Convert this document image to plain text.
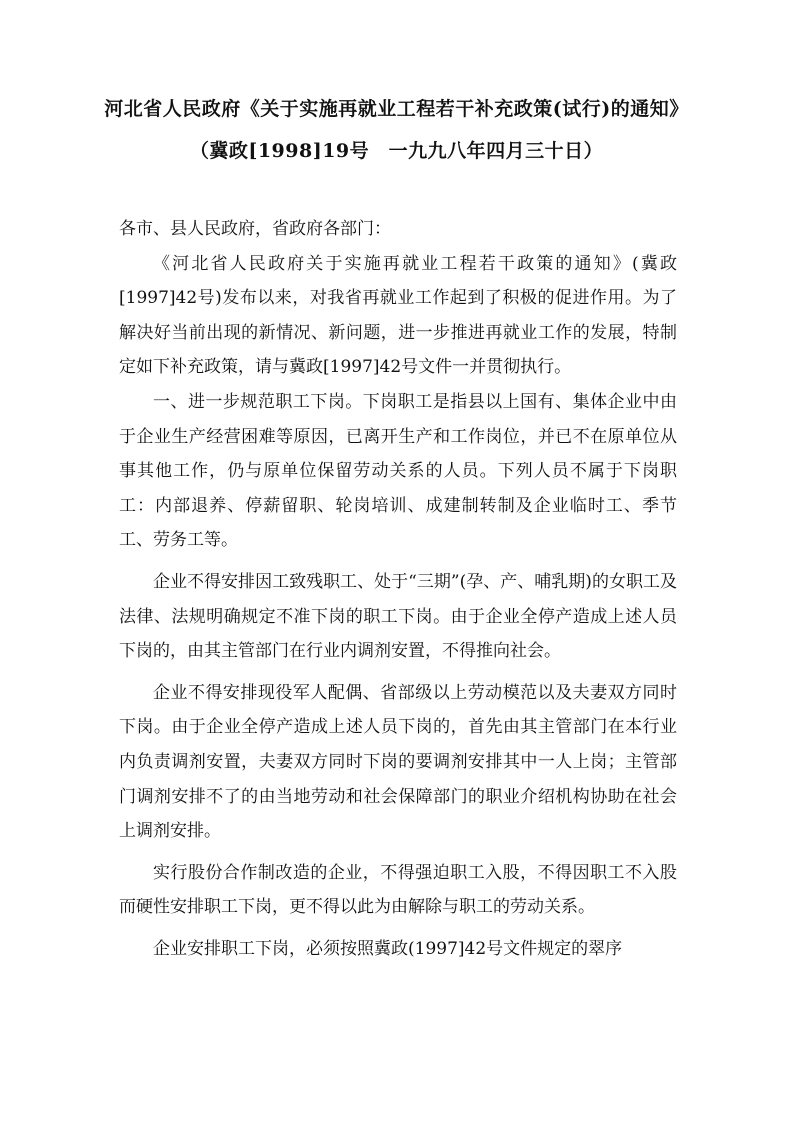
河北省人民政府《关于实施再就业工程若干补充政策(试行)的通知》
（冀政[1998]19号　一九九八年四月三十日）

各市、县人民政府，省政府各部门：

《河北省人民政府关于实施再就业工程若干政策的通知》(冀政[1997]42号)发布以来，对我省再就业工作起到了积极的促进作用。为了解决好当前出现的新情况、新问题，进一步推进再就业工作的发展，特制定如下补充政策，请与冀政[1997]42号文件一并贯彻执行。

一、进一步规范职工下岗。下岗职工是指县以上国有、集体企业中由于企业生产经营困难等原因，已离开生产和工作岗位，并已不在原单位从事其他工作，仍与原单位保留劳动关系的人员。下列人员不属于下岗职工：内部退养、停薪留职、轮岗培训、成建制转制及企业临时工、季节工、劳务工等。

企业不得安排因工致残职工、处于“三期”(孕、产、哺乳期)的女职工及法律、法规明确规定不准下岗的职工下岗。由于企业全停产造成上述人员下岗的，由其主管部门在行业内调剂安置，不得推向社会。

企业不得安排现役军人配偶、省部级以上劳动模范以及夫妻双方同时下岗。由于企业全停产造成上述人员下岗的，首先由其主管部门在本行业内负责调剂安置，夫妻双方同时下岗的要调剂安排其中一人上岗；主管部门调剂安排不了的由当地劳动和社会保障部门的职业介绍机构协助在社会上调剂安排。

实行股份合作制改造的企业，不得强迫职工入股，不得因职工不入股而硬性安排职工下岗，更不得以此为由解除与职工的劳动关系。

企业安排职工下岗，必须按照冀政(1997]42号文件规定的翠序
